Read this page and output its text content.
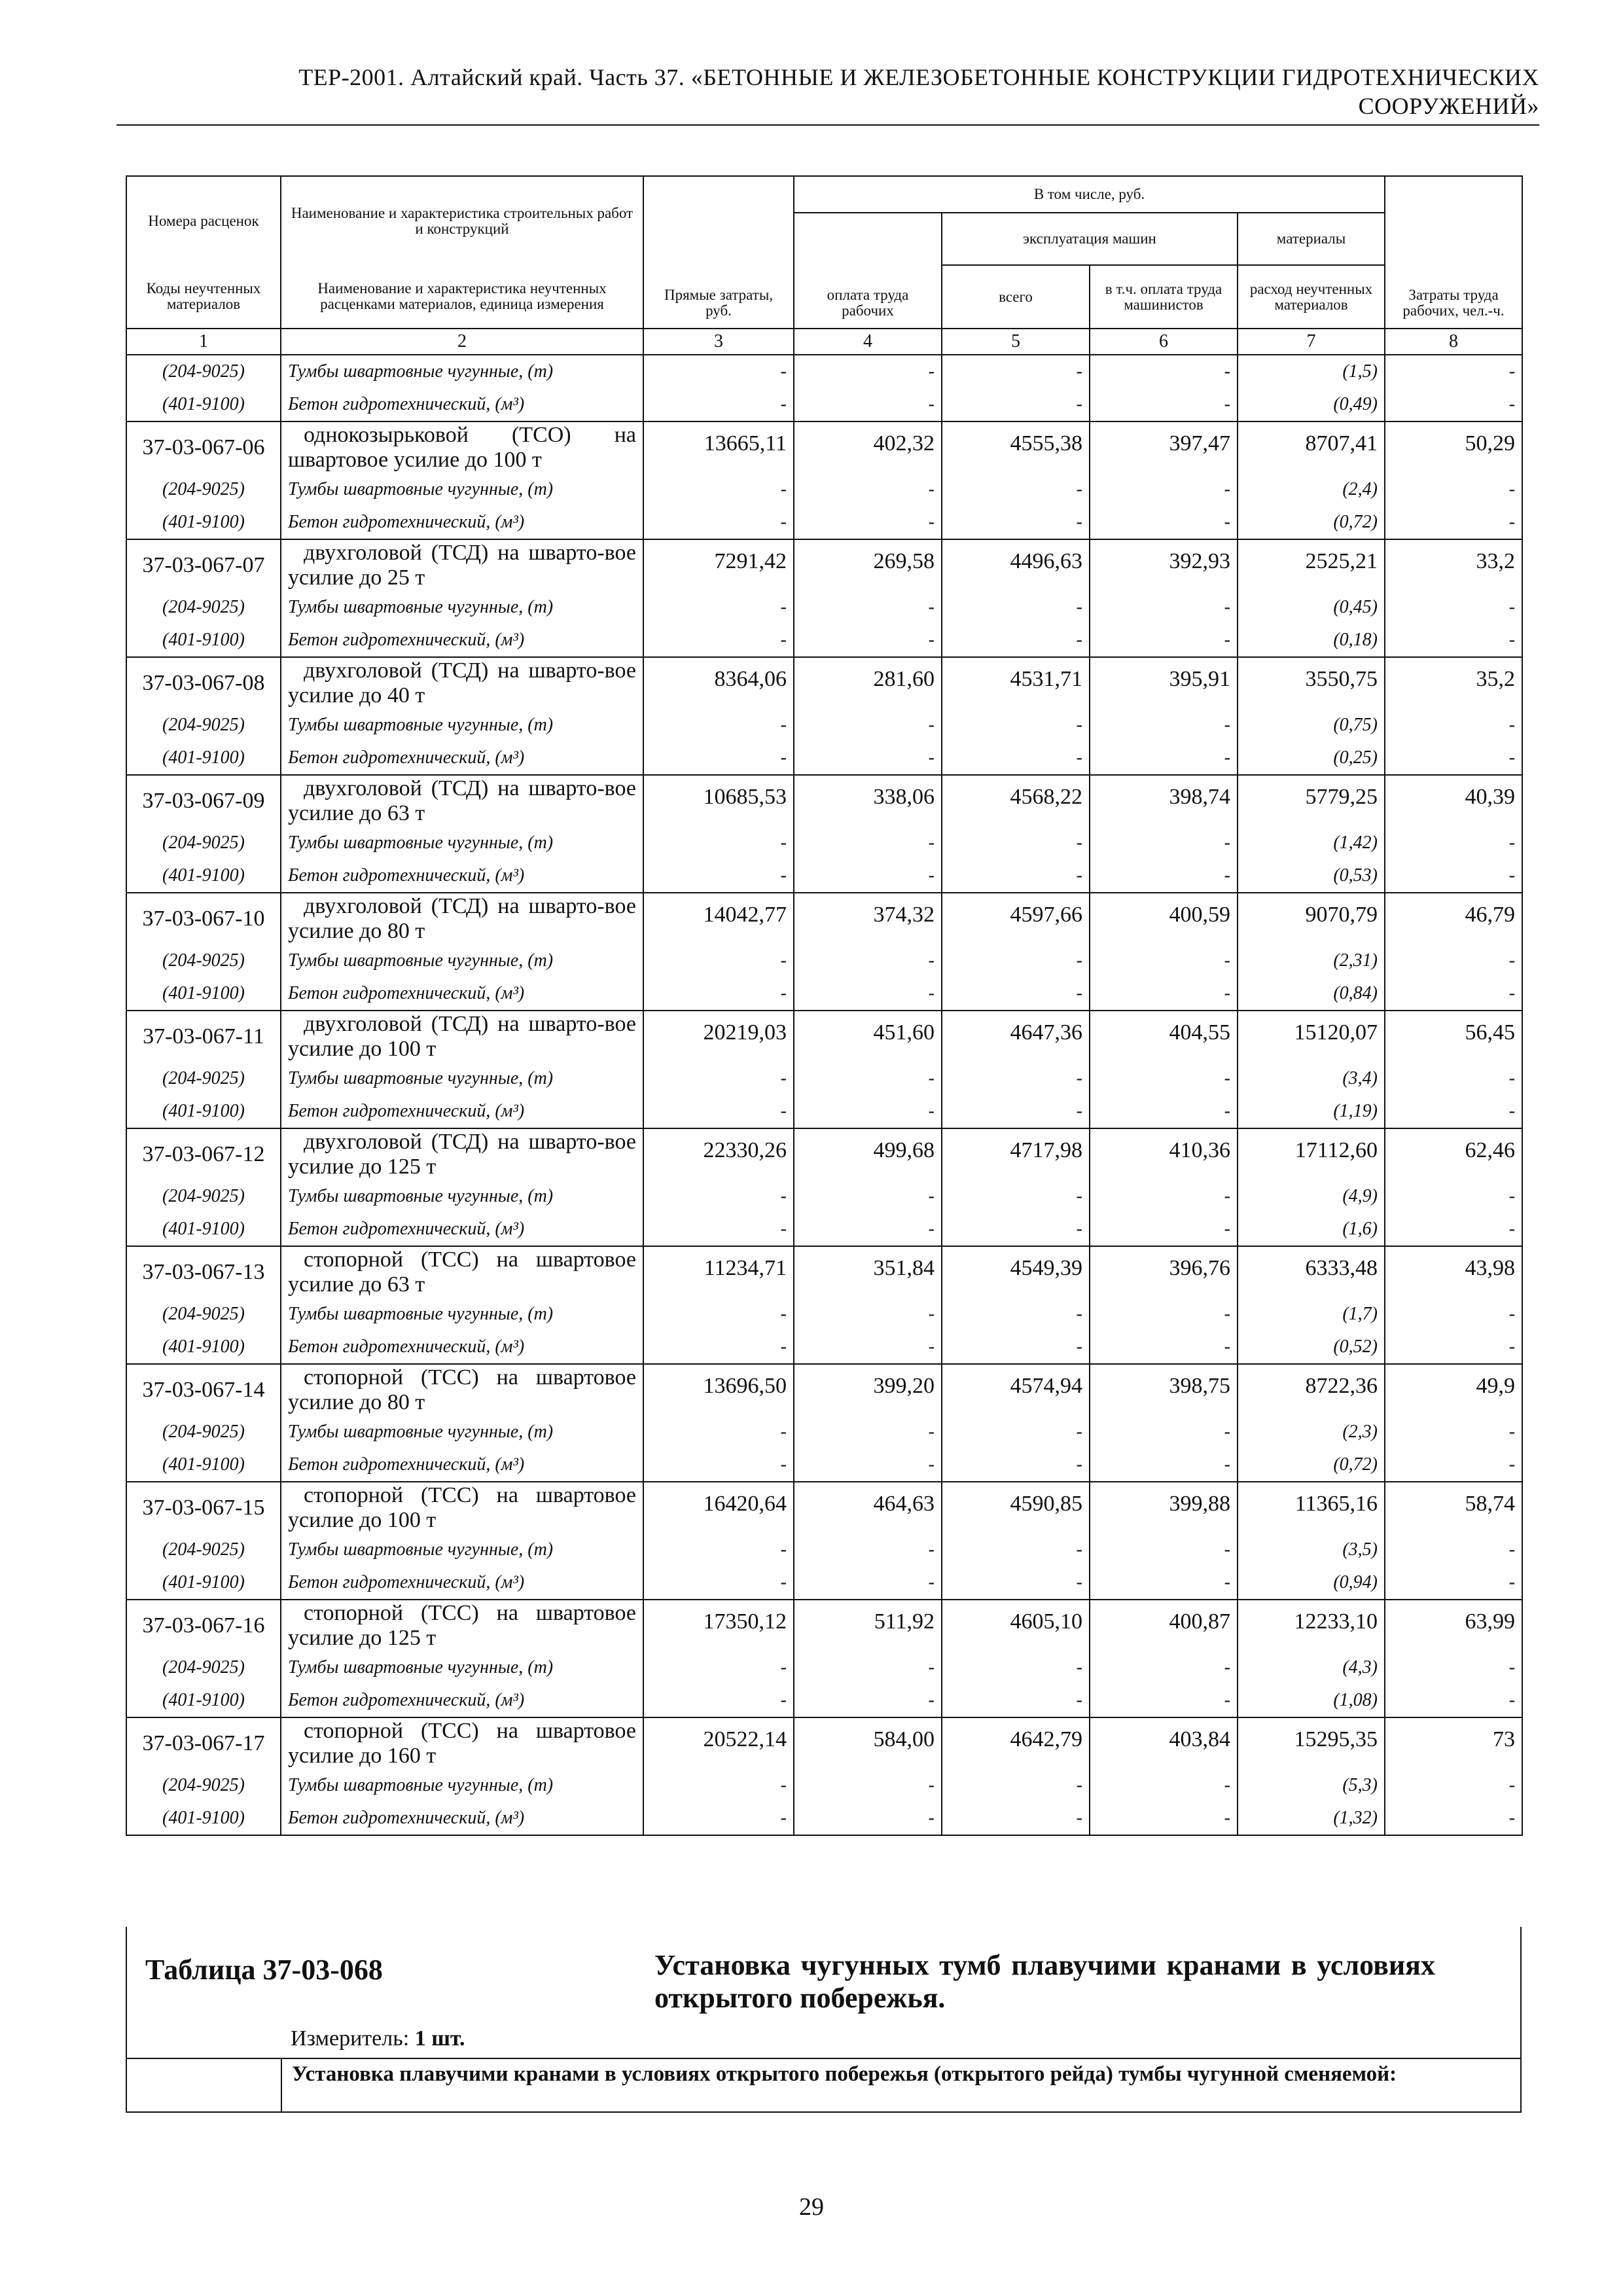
ТЕР-2001. Алтайский край. Часть 37. «БЕТОННЫЕ И ЖЕЛЕЗОБЕТОННЫЕ КОНСТРУКЦИИ ГИДРОТЕХНИЧЕСКИХ
СООРУЖЕНИЙ»
Номера расценок	Наименование и характеристика строительных работ и конструкций	Прямые затраты, руб.	В том числе, руб.				Затраты труда рабочих, чел.-ч.
			оплата труда рабочих	эксплуатация машин		материалы	
Коды неучтенных материалов	Наименование и характеристика неучтенных расценками материалов, единица измерения			всего	в т.ч. оплата труда машинистов	расход неучтенных материалов	
1	2	3	4	5	6	7	8
(204-9025)	Тумбы швартовные чугунные, (т)	-	-	-	-	(1,5)	-
(401-9100)	Бетон гидротехнический, (м³)	-	-	-	-	(0,49)	-
37-03-067-06	однокозырьковой (ТСО) на швартовое усилие до 100 т	13665,11	402,32	4555,38	397,47	8707,41	50,29
(204-9025)	Тумбы швартовные чугунные, (т)	-	-	-	-	(2,4)	-
(401-9100)	Бетон гидротехнический, (м³)	-	-	-	-	(0,72)	-
37-03-067-07	двухголовой (ТСД) на шварто-вое усилие до 25 т	7291,42	269,58	4496,63	392,93	2525,21	33,2
(204-9025)	Тумбы швартовные чугунные, (т)	-	-	-	-	(0,45)	-
(401-9100)	Бетон гидротехнический, (м³)	-	-	-	-	(0,18)	-
37-03-067-08	двухголовой (ТСД) на шварто-вое усилие до 40 т	8364,06	281,60	4531,71	395,91	3550,75	35,2
(204-9025)	Тумбы швартовные чугунные, (т)	-	-	-	-	(0,75)	-
(401-9100)	Бетон гидротехнический, (м³)	-	-	-	-	(0,25)	-
37-03-067-09	двухголовой (ТСД) на шварто-вое усилие до 63 т	10685,53	338,06	4568,22	398,74	5779,25	40,39
(204-9025)	Тумбы швартовные чугунные, (т)	-	-	-	-	(1,42)	-
(401-9100)	Бетон гидротехнический, (м³)	-	-	-	-	(0,53)	-
37-03-067-10	двухголовой (ТСД) на шварто-вое усилие до 80 т	14042,77	374,32	4597,66	400,59	9070,79	46,79
(204-9025)	Тумбы швартовные чугунные, (т)	-	-	-	-	(2,31)	-
(401-9100)	Бетон гидротехнический, (м³)	-	-	-	-	(0,84)	-
37-03-067-11	двухголовой (ТСД) на шварто-вое усилие до 100 т	20219,03	451,60	4647,36	404,55	15120,07	56,45
(204-9025)	Тумбы швартовные чугунные, (т)	-	-	-	-	(3,4)	-
(401-9100)	Бетон гидротехнический, (м³)	-	-	-	-	(1,19)	-
37-03-067-12	двухголовой (ТСД) на шварто-вое усилие до 125 т	22330,26	499,68	4717,98	410,36	17112,60	62,46
(204-9025)	Тумбы швартовные чугунные, (т)	-	-	-	-	(4,9)	-
(401-9100)	Бетон гидротехнический, (м³)	-	-	-	-	(1,6)	-
37-03-067-13	стопорной (ТСС) на швартовое усилие до 63 т	11234,71	351,84	4549,39	396,76	6333,48	43,98
(204-9025)	Тумбы швартовные чугунные, (т)	-	-	-	-	(1,7)	-
(401-9100)	Бетон гидротехнический, (м³)	-	-	-	-	(0,52)	-
37-03-067-14	стопорной (ТСС) на швартовое усилие до 80 т	13696,50	399,20	4574,94	398,75	8722,36	49,9
(204-9025)	Тумбы швартовные чугунные, (т)	-	-	-	-	(2,3)	-
(401-9100)	Бетон гидротехнический, (м³)	-	-	-	-	(0,72)	-
37-03-067-15	стопорной (ТСС) на швартовое усилие до 100 т	16420,64	464,63	4590,85	399,88	11365,16	58,74
(204-9025)	Тумбы швартовные чугунные, (т)	-	-	-	-	(3,5)	-
(401-9100)	Бетон гидротехнический, (м³)	-	-	-	-	(0,94)	-
37-03-067-16	стопорной (ТСС) на швартовое усилие до 125 т	17350,12	511,92	4605,10	400,87	12233,10	63,99
(204-9025)	Тумбы швартовные чугунные, (т)	-	-	-	-	(4,3)	-
(401-9100)	Бетон гидротехнический, (м³)	-	-	-	-	(1,08)	-
37-03-067-17	стопорной (ТСС) на швартовое усилие до 160 т	20522,14	584,00	4642,79	403,84	15295,35	73
(204-9025)	Тумбы швартовные чугунные, (т)	-	-	-	-	(5,3)	-
(401-9100)	Бетон гидротехнический, (м³)	-	-	-	-	(1,32)	-
Таблица 37-03-068	Установка чугунных тумб плавучими кранами в условиях открытого побережья.
Измеритель: 1 шт.
Установка плавучими кранами в условиях открытого побережья (открытого рейда) тумбы чугунной сменяемой:
29
